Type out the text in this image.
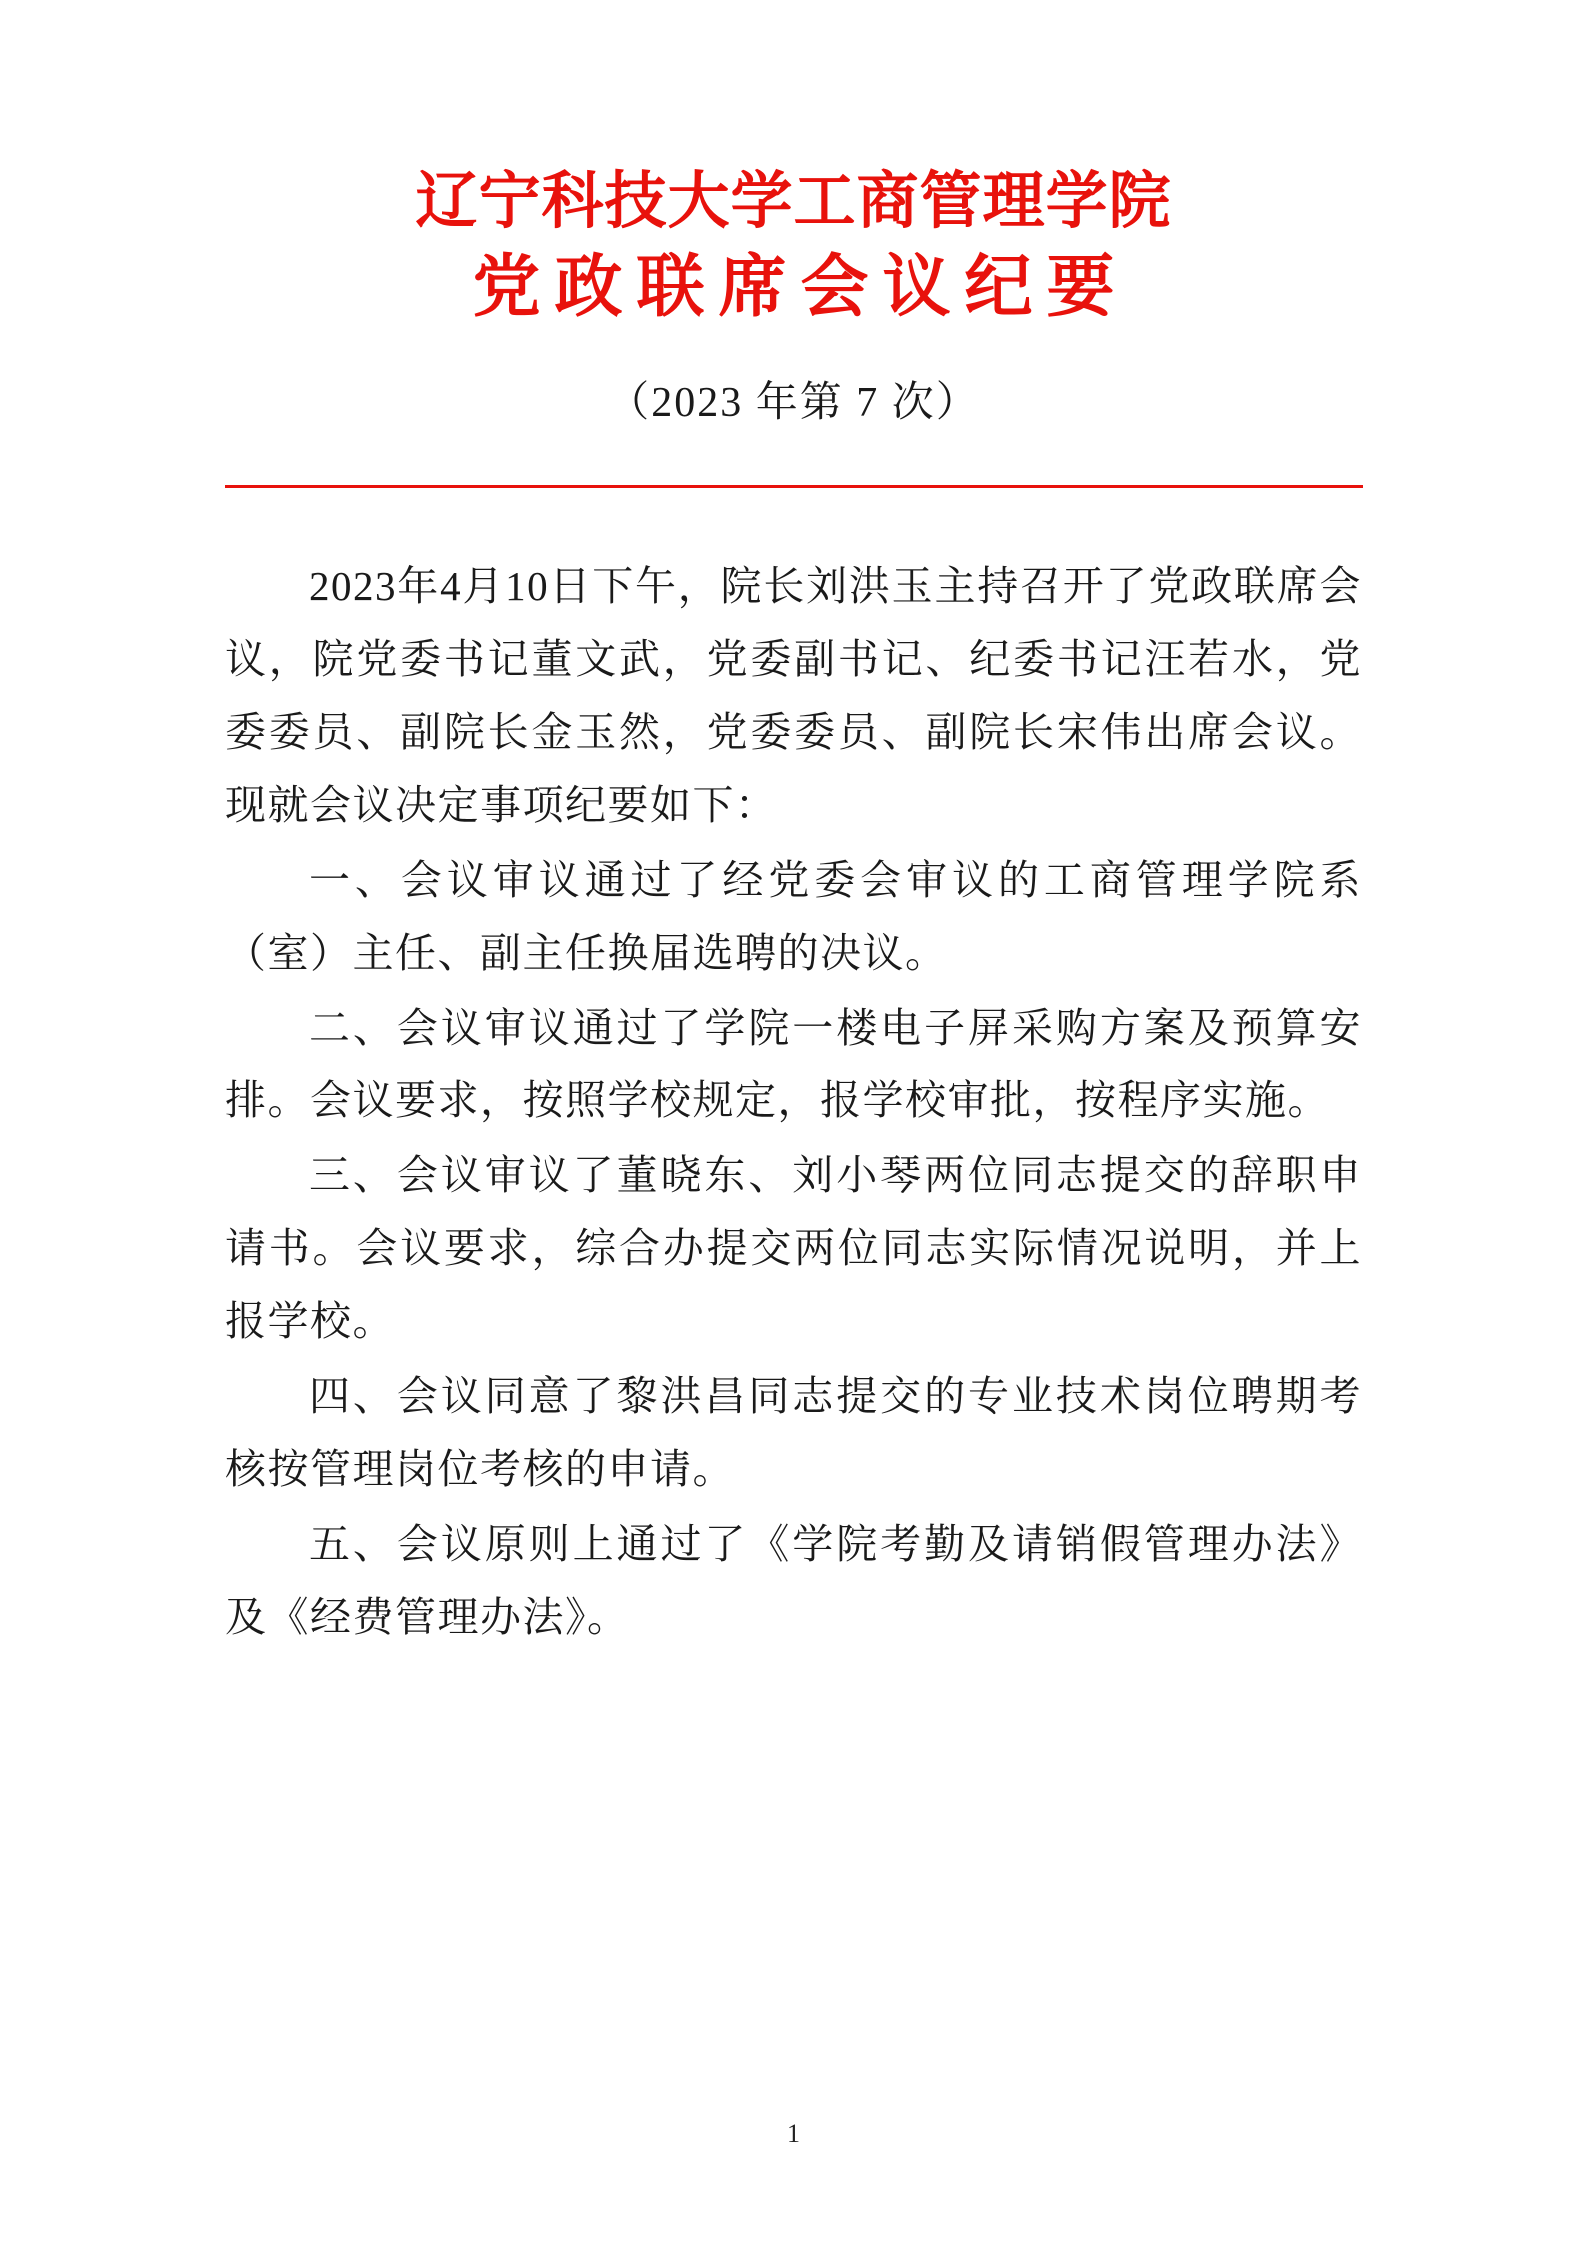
辽宁科技大学工商管理学院
党政联席会议纪要
（2023 年第 7 次）

2023年4月10日下午，院长刘洪玉主持召开了党政联席会议，院党委书记董文武，党委副书记、纪委书记汪若水，党委委员、副院长金玉然，党委委员、副院长宋伟出席会议。现就会议决定事项纪要如下：

一、会议审议通过了经党委会审议的工商管理学院系（室）主任、副主任换届选聘的决议。

二、会议审议通过了学院一楼电子屏采购方案及预算安排。会议要求，按照学校规定，报学校审批，按程序实施。

三、会议审议了董晓东、刘小琴两位同志提交的辞职申请书。会议要求，综合办提交两位同志实际情况说明，并上报学校。

四、会议同意了黎洪昌同志提交的专业技术岗位聘期考核按管理岗位考核的申请。

五、会议原则上通过了《学院考勤及请销假管理办法》及《经费管理办法》。

1
